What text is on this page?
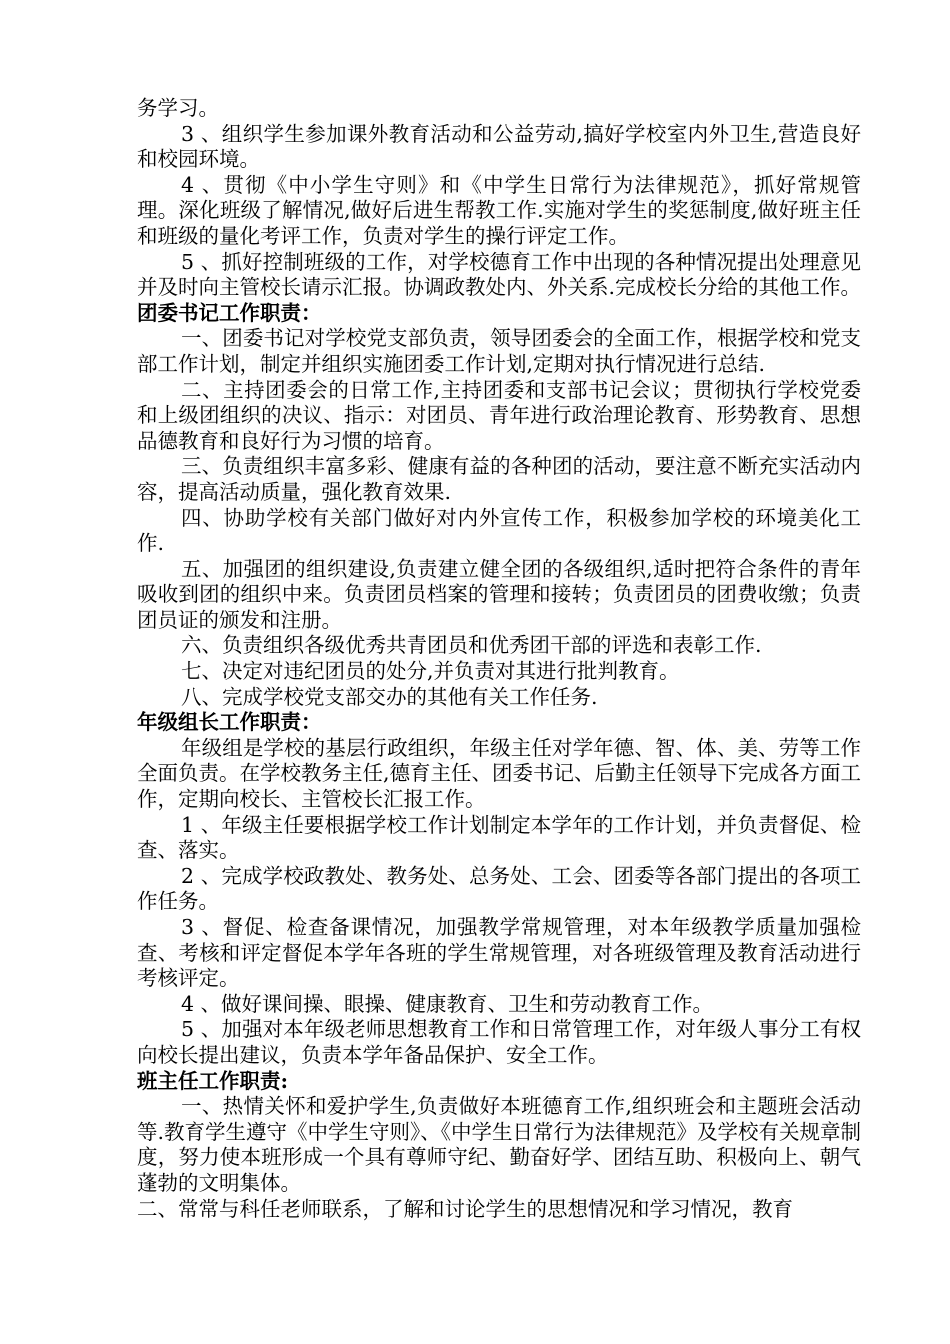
务学习。

3 、组织学生参加课外教育活动和公益劳动,搞好学校室内外卫生,营造良好和校园环境。

4 、贯彻《中小学生守则》和《中学生日常行为法律规范》，抓好常规管理。深化班级了解情况,做好后进生帮教工作.实施对学生的奖惩制度,做好班主任和班级的量化考评工作，负责对学生的操行评定工作。

5 、抓好控制班级的工作，对学校德育工作中出现的各种情况提出处理意见并及时向主管校长请示汇报。协调政教处内、外关系.完成校长分给的其他工作。

团委书记工作职责：

一、团委书记对学校党支部负责，领导团委会的全面工作，根据学校和党支部工作计划，制定并组织实施团委工作计划,定期对执行情况进行总结.

二、主持团委会的日常工作,主持团委和支部书记会议；贯彻执行学校党委和上级团组织的决议、指示：对团员、青年进行政治理论教育、形势教育、思想品德教育和良好行为习惯的培育。

三、负责组织丰富多彩、健康有益的各种团的活动，要注意不断充实活动内容，提高活动质量，强化教育效果.

四、协助学校有关部门做好对内外宣传工作，积极参加学校的环境美化工作.

五、加强团的组织建设,负责建立健全团的各级组织,适时把符合条件的青年吸收到团的组织中来。负责团员档案的管理和接转；负责团员的团费收缴；负责团员证的颁发和注册。

六、负责组织各级优秀共青团员和优秀团干部的评选和表彰工作.

七、决定对违纪团员的处分,并负责对其进行批判教育。

八、完成学校党支部交办的其他有关工作任务.

年级组长工作职责：

年级组是学校的基层行政组织，年级主任对学年德、智、体、美、劳等工作全面负责。在学校教务主任,德育主任、团委书记、后勤主任领导下完成各方面工作，定期向校长、主管校长汇报工作。

1 、年级主任要根据学校工作计划制定本学年的工作计划，并负责督促、检查、落实。

2 、完成学校政教处、教务处、总务处、工会、团委等各部门提出的各项工作任务。

3 、督促、检查备课情况，加强教学常规管理，对本年级教学质量加强检查、考核和评定督促本学年各班的学生常规管理，对各班级管理及教育活动进行考核评定。

4 、做好课间操、眼操、健康教育、卫生和劳动教育工作。

5 、加强对本年级老师思想教育工作和日常管理工作，对年级人事分工有权向校长提出建议，负责本学年备品保护、安全工作。

班主任工作职责:

一、热情关怀和爱护学生,负责做好本班德育工作,组织班会和主题班会活动等.教育学生遵守《中学生守则》、《中学生日常行为法律规范》及学校有关规章制度，努力使本班形成一个具有尊师守纪、勤奋好学、团结互助、积极向上、朝气蓬勃的文明集体。

二、常常与科任老师联系，了解和讨论学生的思想情况和学习情况，教育
